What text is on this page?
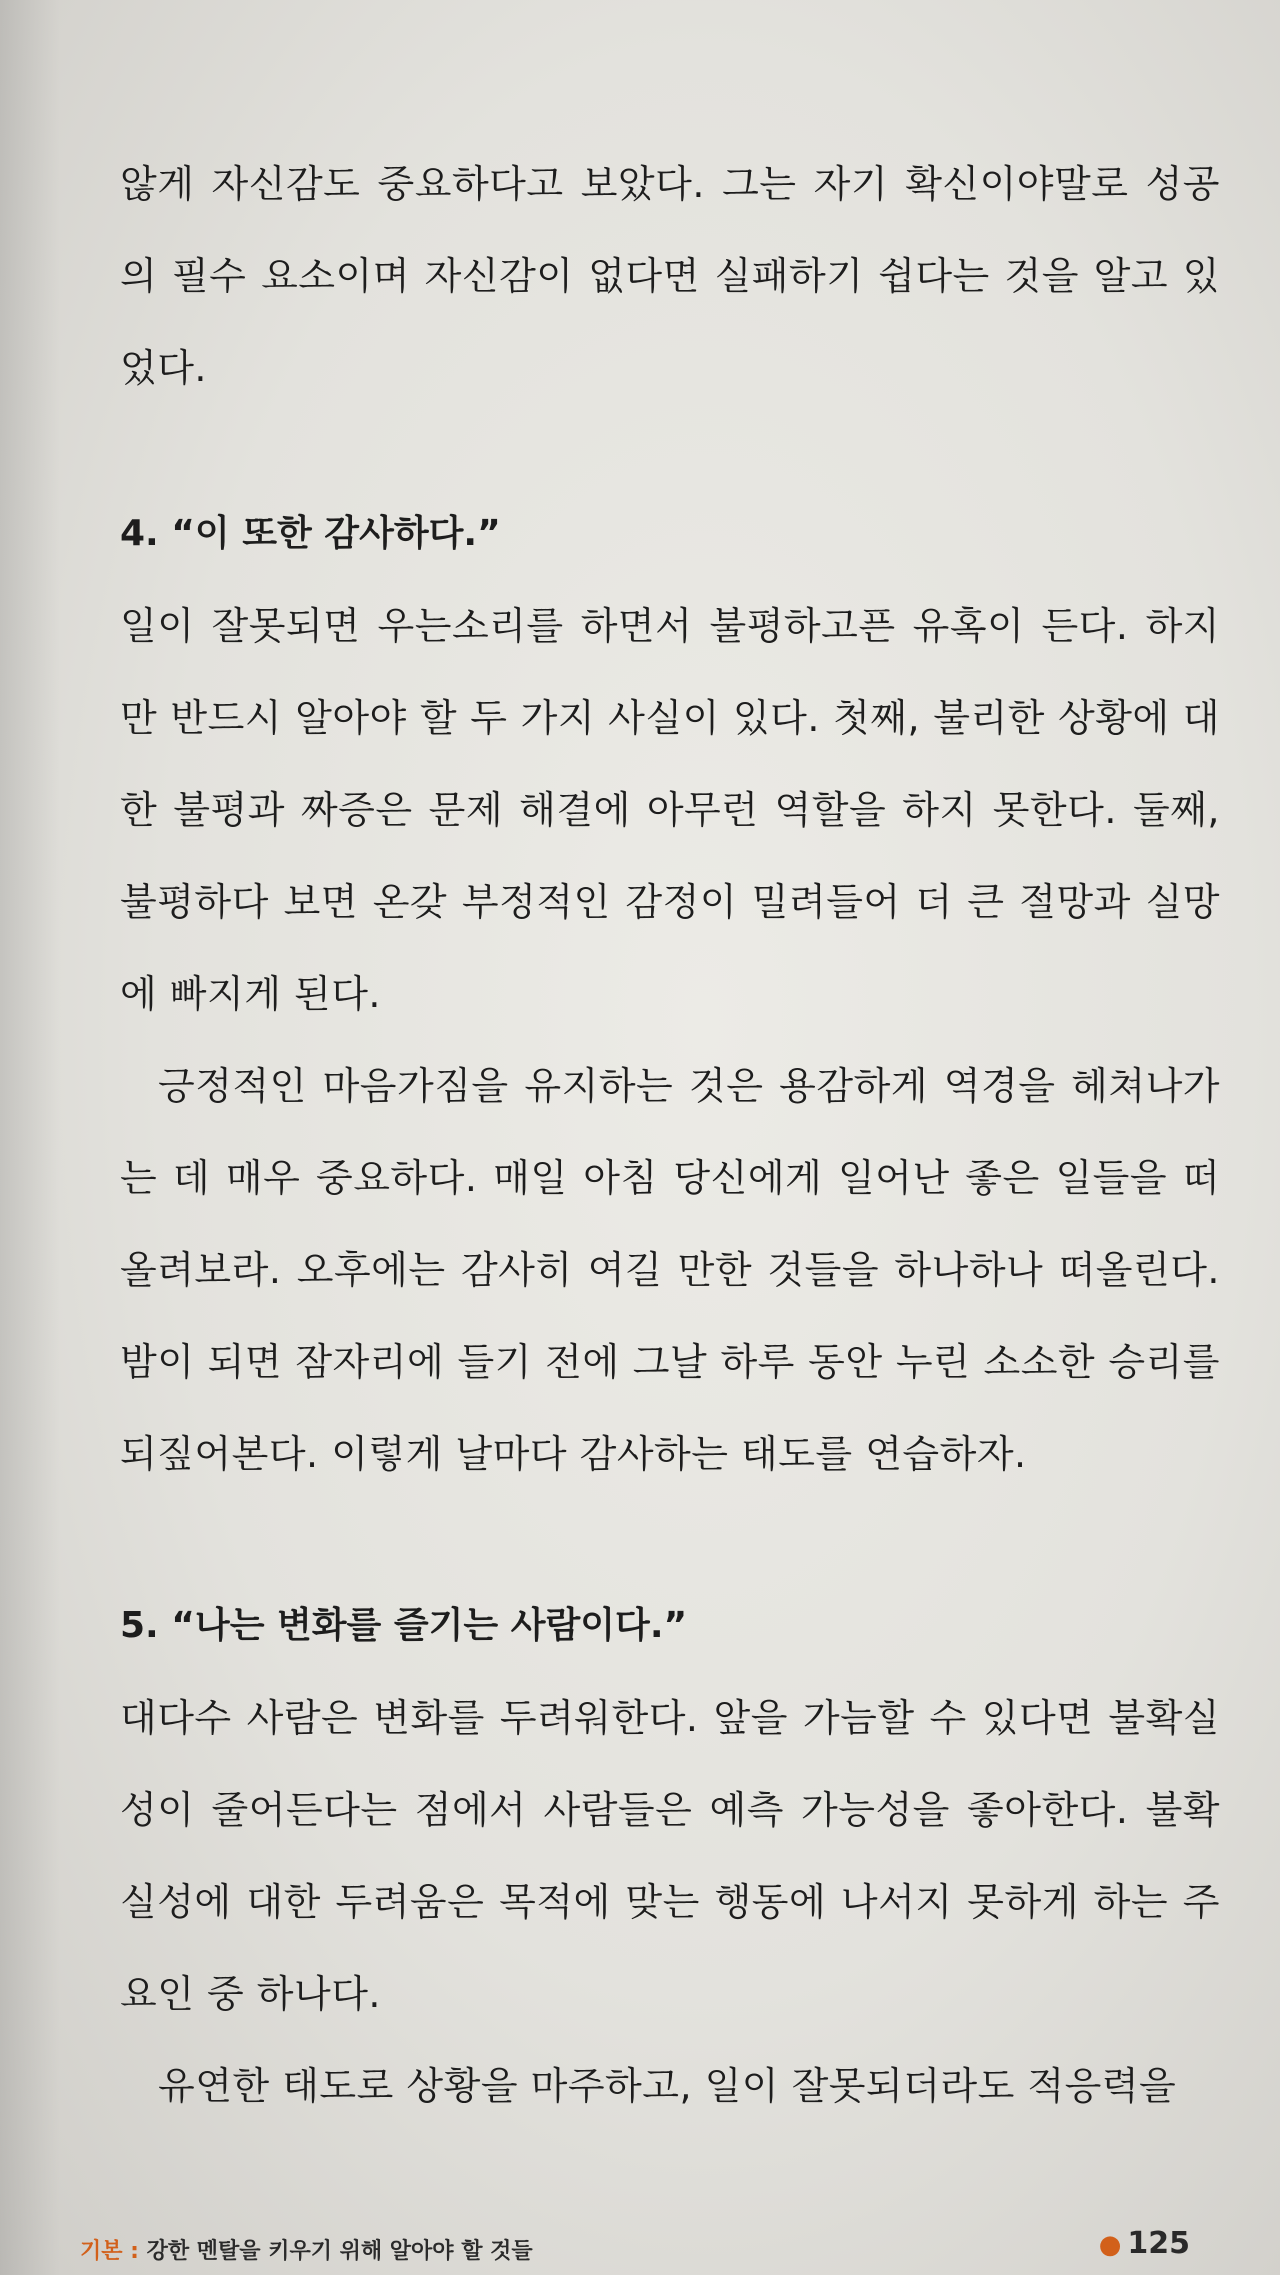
않게 자신감도 중요하다고 보았다. 그는 자기 확신이야말로 성공의 필수 요소이며 자신감이 없다면 실패하기 쉽다는 것을 알고 있었다.

4. “이 또한 감사하다.”

일이 잘못되면 우는소리를 하면서 불평하고픈 유혹이 든다. 하지만 반드시 알아야 할 두 가지 사실이 있다. 첫째, 불리한 상황에 대한 불평과 짜증은 문제 해결에 아무런 역할을 하지 못한다. 둘째, 불평하다 보면 온갖 부정적인 감정이 밀려들어 더 큰 절망과 실망에 빠지게 된다.

긍정적인 마음가짐을 유지하는 것은 용감하게 역경을 헤쳐나가는 데 매우 중요하다. 매일 아침 당신에게 일어난 좋은 일들을 떠올려보라. 오후에는 감사히 여길 만한 것들을 하나하나 떠올린다. 밤이 되면 잠자리에 들기 전에 그날 하루 동안 누린 소소한 승리를 되짚어본다. 이렇게 날마다 감사하는 태도를 연습하자.

5. “나는 변화를 즐기는 사람이다.”

대다수 사람은 변화를 두려워한다. 앞을 가늠할 수 있다면 불확실성이 줄어든다는 점에서 사람들은 예측 가능성을 좋아한다. 불확실성에 대한 두려움은 목적에 맞는 행동에 나서지 못하게 하는 주요인 중 하나다.

유연한 태도로 상황을 마주하고, 일이 잘못되더라도 적응력을

기본 : 강한 멘탈을 키우기 위해 알아야 할 것들	● 125
